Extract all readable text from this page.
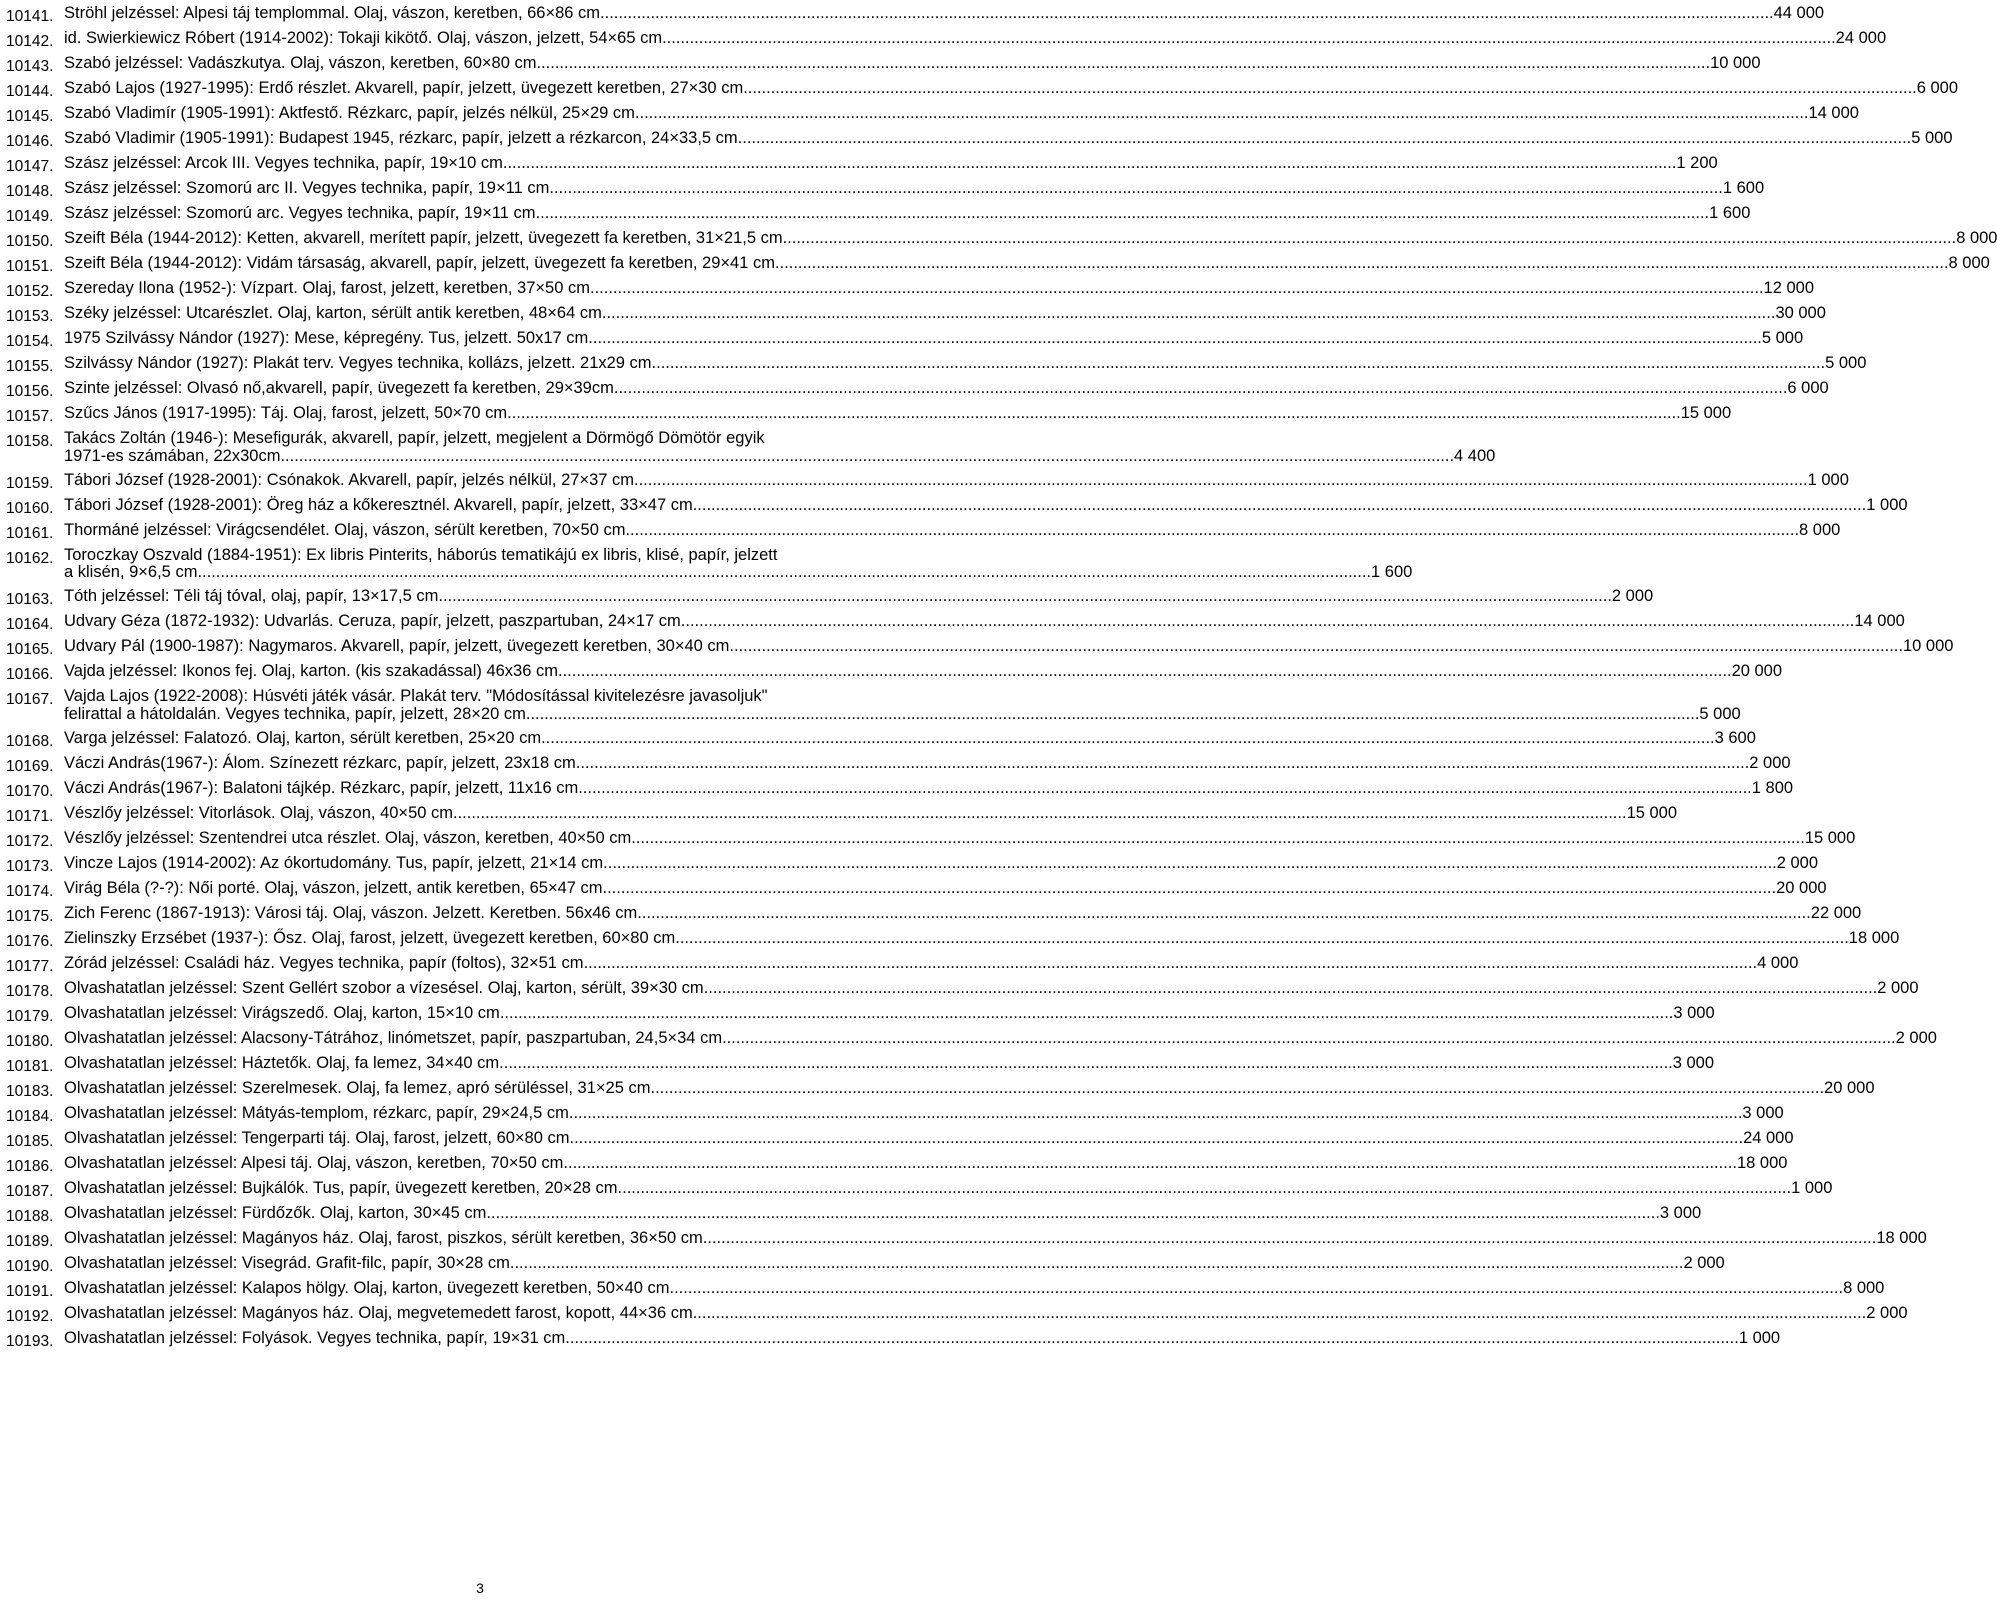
10141. Ströhl jelzéssel: Alpesi táj templommal. Olaj, vászon, keretben, 66×86 cm .....	44 000
10142. id. Swierkiewicz Róbert (1914-2002): Tokaji kikötő. Olaj, vászon, jelzett, 54×65 cm .....	24 000
10143. Szabó jelzéssel: Vadászkutya. Olaj, vászon, keretben, 60×80 cm .....	10 000
10144. Szabó Lajos (1927-1995): Erdő részlet. Akvarell, papír, jelzett, üvegezett keretben, 27×30 cm .....	6 000
10145. Szabó Vladimír (1905-1991): Aktfestő. Rézkarc, papír, jelzés nélkül, 25×29 cm .....	14 000
10146. Szabó Vladimir (1905-1991): Budapest 1945, rézkarc, papír, jelzett a rézkarcon, 24×33,5 cm .....	5 000
10147. Szász jelzéssel: Arcok III. Vegyes technika, papír, 19×10 cm .....	1 200
10148. Szász jelzéssel: Szomorú arc II. Vegyes technika, papír, 19×11 cm .....	1 600
10149. Szász jelzéssel: Szomorú arc. Vegyes technika, papír, 19×11 cm .....	1 600
10150. Szeift Béla (1944-2012): Ketten, akvarell, merített papír, jelzett, üvegezett fa keretben, 31×21,5 cm .....	8 000
10151. Szeift Béla (1944-2012): Vidám társaság, akvarell, papír, jelzett, üvegezett fa keretben, 29×41 cm .....	8 000
10152. Szereday Ilona (1952-): Vízpart. Olaj, farost, jelzett, keretben, 37×50 cm .....	12 000
10153. Széky jelzéssel: Utcarészlet. Olaj, karton, sérült antik keretben, 48×64 cm .....	30 000
10154. 1975 Szilvássy Nándor (1927): Mese, képregény. Tus, jelzett. 50x17 cm .....	5 000
10155. Szilvássy Nándor (1927): Plakát terv. Vegyes technika, kollázs, jelzett. 21x29 cm .....	5 000
10156. Szinte jelzéssel: Olvasó nő,akvarell, papír, üvegezett fa keretben, 29×39cm .....	6 000
10157. Szűcs János (1917-1995): Táj. Olaj, farost, jelzett, 50×70 cm .....	15 000
10158. Takács Zoltán (1946-): Mesefigurák, akvarell, papír, jelzett, megjelent a Dörmögő Dömötör egyik
1971-es számában, 22x30cm .....	4 400
10159. Tábori József (1928-2001): Csónakok. Akvarell, papír, jelzés nélkül, 27×37 cm .....	1 000
10160. Tábori József (1928-2001): Öreg ház a kőkeresztnél. Akvarell, papír, jelzett, 33×47 cm .....	1 000
10161. Thormáné jelzéssel: Virágcsendélet. Olaj, vászon, sérült keretben, 70×50 cm .....	8 000
10162. Toroczkay Oszvald (1884-1951): Ex libris Pinterits, háborús tematikájú ex libris, klisé, papír, jelzett
a klisén, 9×6,5 cm .....	1 600
10163. Tóth jelzéssel: Téli táj tóval, olaj, papír, 13×17,5 cm .....	2 000
10164. Udvary Géza (1872-1932): Udvarlás. Ceruza, papír, jelzett, paszpartuban, 24×17 cm .....	14 000
10165. Udvary Pál (1900-1987): Nagymaros. Akvarell, papír, jelzett, üvegezett keretben, 30×40 cm .....	10 000
10166. Vajda jelzéssel: Ikonos fej. Olaj, karton. (kis szakadással) 46x36 cm .....	20 000
10167. Vajda Lajos (1922-2008): Húsvéti játék vásár. Plakát terv. "Módosítással kivitelezésre javasoljuk"
felirattal a hátoldalán. Vegyes technika, papír, jelzett, 28×20 cm .....	5 000
10168. Varga jelzéssel: Falatozó. Olaj, karton, sérült keretben, 25×20 cm .....	3 600
10169. Váczi András(1967-): Álom. Színezett rézkarc, papír, jelzett, 23x18 cm .....	2 000
10170. Váczi András(1967-): Balatoni tájkép. Rézkarc, papír, jelzett, 11x16 cm .....	1 800
10171. Vészlőy jelzéssel: Vitorlások. Olaj, vászon, 40×50 cm .....	15 000
10172. Vészlőy jelzéssel: Szentendrei utca részlet. Olaj, vászon, keretben, 40×50 cm .....	15 000
10173. Vincze Lajos (1914-2002): Az ókortudomány. Tus, papír, jelzett, 21×14 cm .....	2 000
10174. Virág Béla (?-?): Női porté. Olaj, vászon, jelzett, antik keretben, 65×47 cm .....	20 000
10175. Zich Ferenc (1867-1913): Városi táj. Olaj, vászon. Jelzett. Keretben. 56x46 cm .....	22 000
10176. Zielinszky Erzsébet (1937-): Ősz. Olaj, farost, jelzett, üvegezett keretben, 60×80 cm .....	18 000
10177. Zórád jelzéssel: Családi ház. Vegyes technika, papír (foltos), 32×51 cm .....	4 000
10178. Olvashatatlan jelzéssel: Szent Gellért szobor a vízesésel. Olaj, karton, sérült, 39×30 cm .....	2 000
10179. Olvashatatlan jelzéssel: Virágszedő. Olaj, karton, 15×10 cm .....	3 000
10180. Olvashatatlan jelzéssel: Alacsony-Tátrához, linómetszet, papír, paszpartuban, 24,5×34 cm .....	2 000
10181. Olvashatatlan jelzéssel: Háztetők. Olaj, fa lemez, 34×40 cm .....	3 000
10183. Olvashatatlan jelzéssel: Szerelmesek. Olaj, fa lemez, apró sérüléssel, 31×25 cm .....	20 000
10184. Olvashatatlan jelzéssel: Mátyás-templom, rézkarc, papír, 29×24,5 cm .....	3 000
10185. Olvashatatlan jelzéssel: Tengerparti táj. Olaj, farost, jelzett, 60×80 cm .....	24 000
10186. Olvashatatlan jelzéssel: Alpesi táj. Olaj, vászon, keretben, 70×50 cm .....	18 000
10187. Olvashatatlan jelzéssel: Bujkálók. Tus, papír, üvegezett keretben, 20×28 cm .....	1 000
10188. Olvashatatlan jelzéssel: Fürdőzők. Olaj, karton, 30×45 cm .....	3 000
10189. Olvashatatlan jelzéssel: Magányos ház. Olaj, farost, piszkos, sérült keretben, 36×50 cm .....	18 000
10190. Olvashatatlan jelzéssel: Visegrád. Grafit-filc, papír, 30×28 cm .....	2 000
10191. Olvashatatlan jelzéssel: Kalapos hölgy. Olaj, karton, üvegezett keretben, 50×40 cm .....	8 000
10192. Olvashatatlan jelzéssel: Magányos ház. Olaj, megvetemedett farost, kopott, 44×36 cm .....	2 000
10193. Olvashatatlan jelzéssel: Folyások. Vegyes technika, papír, 19×31 cm .....	1 000
3
